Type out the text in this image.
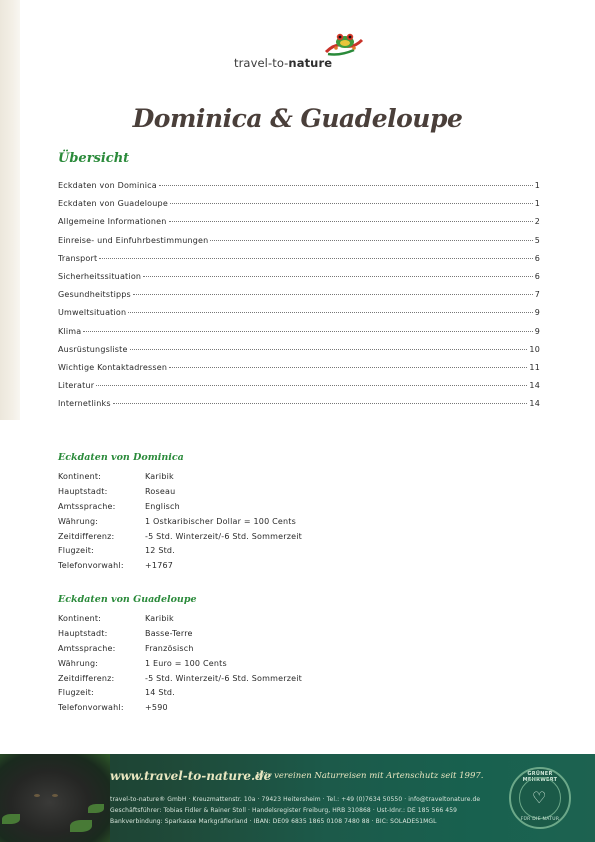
travel-to-nature
Dominica & Guadeloupe
Übersicht
Eckdaten von Dominica	1
Eckdaten von Guadeloupe	1
Allgemeine Informationen	2
Einreise- und Einfuhrbestimmungen	5
Transport	6
Sicherheitssituation	6
Gesundheitstipps	7
Umweltsituation	9
Klima	9
Ausrüstungsliste	10
Wichtige Kontaktadressen	11
Literatur	14
Internetlinks	14
Eckdaten von Dominica
Kontinent:	Karibik
Hauptstadt:	Roseau
Amtssprache:	Englisch
Währung:	1 Ostkaribischer Dollar = 100 Cents
Zeitdifferenz:	-5 Std. Winterzeit/-6 Std. Sommerzeit
Flugzeit:	12 Std.
Telefonvorwahl:	+1767
Eckdaten von Guadeloupe
Kontinent:	Karibik
Hauptstadt:	Basse-Terre
Amtssprache:	Französisch
Währung:	1 Euro = 100 Cents
Zeitdifferenz:	-5 Std. Winterzeit/-6 Std. Sommerzeit
Flugzeit:	14 Std.
Telefonvorwahl:	+590
www.travel-to-nature.de
Wir vereinen Naturreisen mit Artenschutz seit 1997.
travel-to-nature® GmbH · Kreuzmattenstr. 10a · 79423 Heitersheim · Tel.: +49 (0)7634 50550 · info@traveltonature.de
Geschäftsführer: Tobias Fidler & Rainer Stoll · Handelsregister Freiburg, HRB 310868 · Ust-Idnr.: DE 185 566 459
Bankverbindung: Sparkasse Markgräflerland · IBAN: DE09 6835 1865 0108 7480 88 · BIC: SOLADES1MGL
GRÜNER MEHRWERT
♡
FÜR DIE NATUR
